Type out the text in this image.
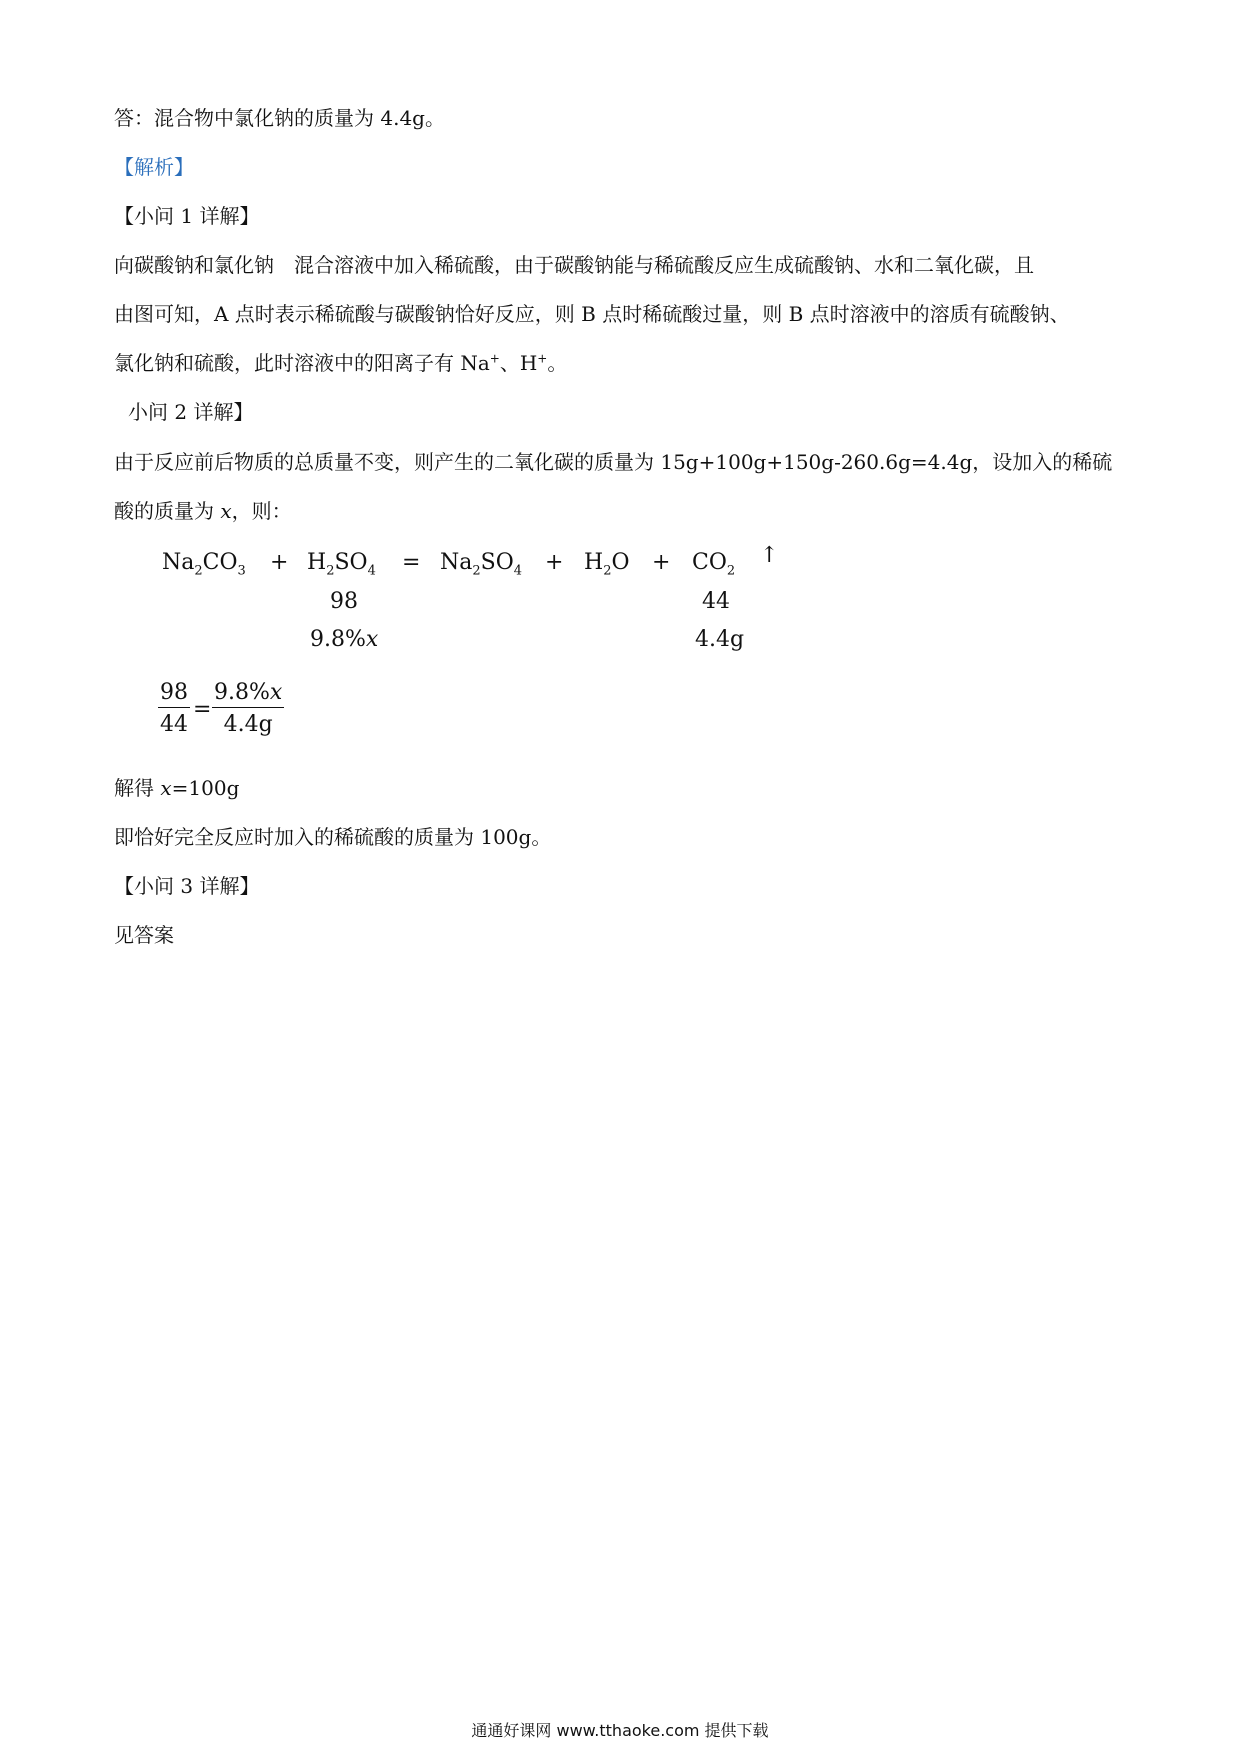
答：混合物中氯化钠的质量为 4.4g。
【解析】
【小问 1 详解】
向碳酸钠和氯化钠　混合溶液中加入稀硫酸，由于碳酸钠能与稀硫酸反应生成硫酸钠、水和二氧化碳，且
由图可知，A 点时表示稀硫酸与碳酸钠恰好反应，则 B 点时稀硫酸过量，则 B 点时溶液中的溶质有硫酸钠、
氯化钠和硫酸，此时溶液中的阳离子有 Na+、H+。
小问 2 详解】
由于反应前后物质的总质量不变，则产生的二氧化碳的质量为 15g+100g+150g-260.6g=4.4g，设加入的稀硫
酸的质量为 x，则：
$Na_2CO_3 + H_2SO_4 = Na_2SO_4 + H_2O + CO_2$
↑
98	44
9.8%x	4.4g
$\frac{98}{44} = \frac{9.8\%x}{4.4g}$
解得 x=100g
即恰好完全反应时加入的稀硫酸的质量为 100g。
【小问 3 详解】
见答案
通通好课网 www.tthaoke.com 提供下载
